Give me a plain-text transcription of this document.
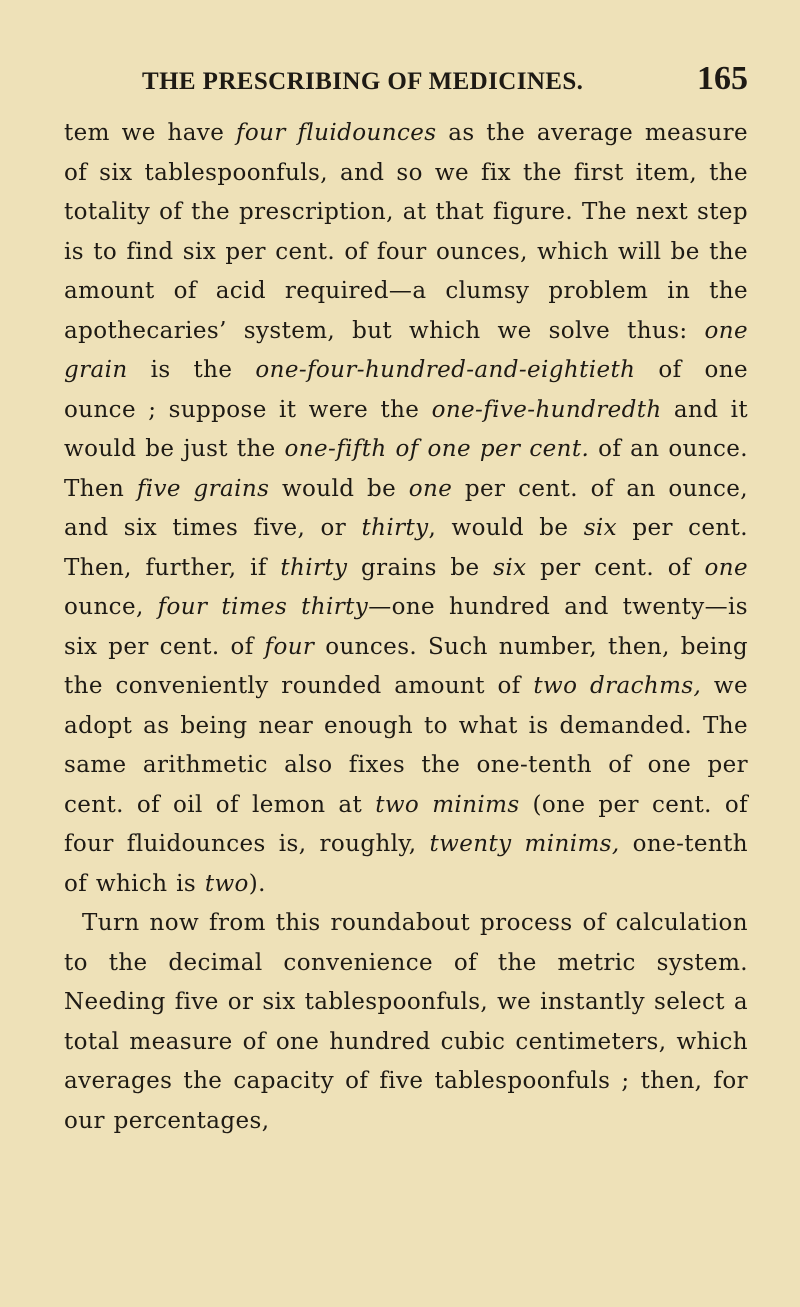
THE PRESCRIBING OF MEDICINES.	165

tem we have four fluidounces as the average measure of six tablespoonfuls, and so we fix the first item, the totality of the prescription, at that figure. The next step is to find six per cent. of four ounces, which will be the amount of acid required—a clumsy problem in the apothecaries’ system, but which we solve thus: one grain is the one-four-hundred-and-eightieth of one ounce ; suppose it were the one-five-hundredth and it would be just the one-fifth of one per cent. of an ounce. Then five grains would be one per cent. of an ounce, and six times five, or thirty, would be six per cent. Then, further, if thirty grains be six per cent. of one ounce, four times thirty—one hundred and twenty—is six per cent. of four ounces. Such number, then, being the conveniently rounded amount of two drachms, we adopt as being near enough to what is demanded. The same arithmetic also fixes the one-tenth of one per cent. of oil of lemon at two minims (one per cent. of four fluidounces is, roughly, twenty minims, one-tenth of which is two).

Turn now from this roundabout process of calculation to the decimal convenience of the metric system. Needing five or six tablespoonfuls, we instantly select a total measure of one hundred cubic centimeters, which averages the capacity of five tablespoonfuls ; then, for our percentages,
